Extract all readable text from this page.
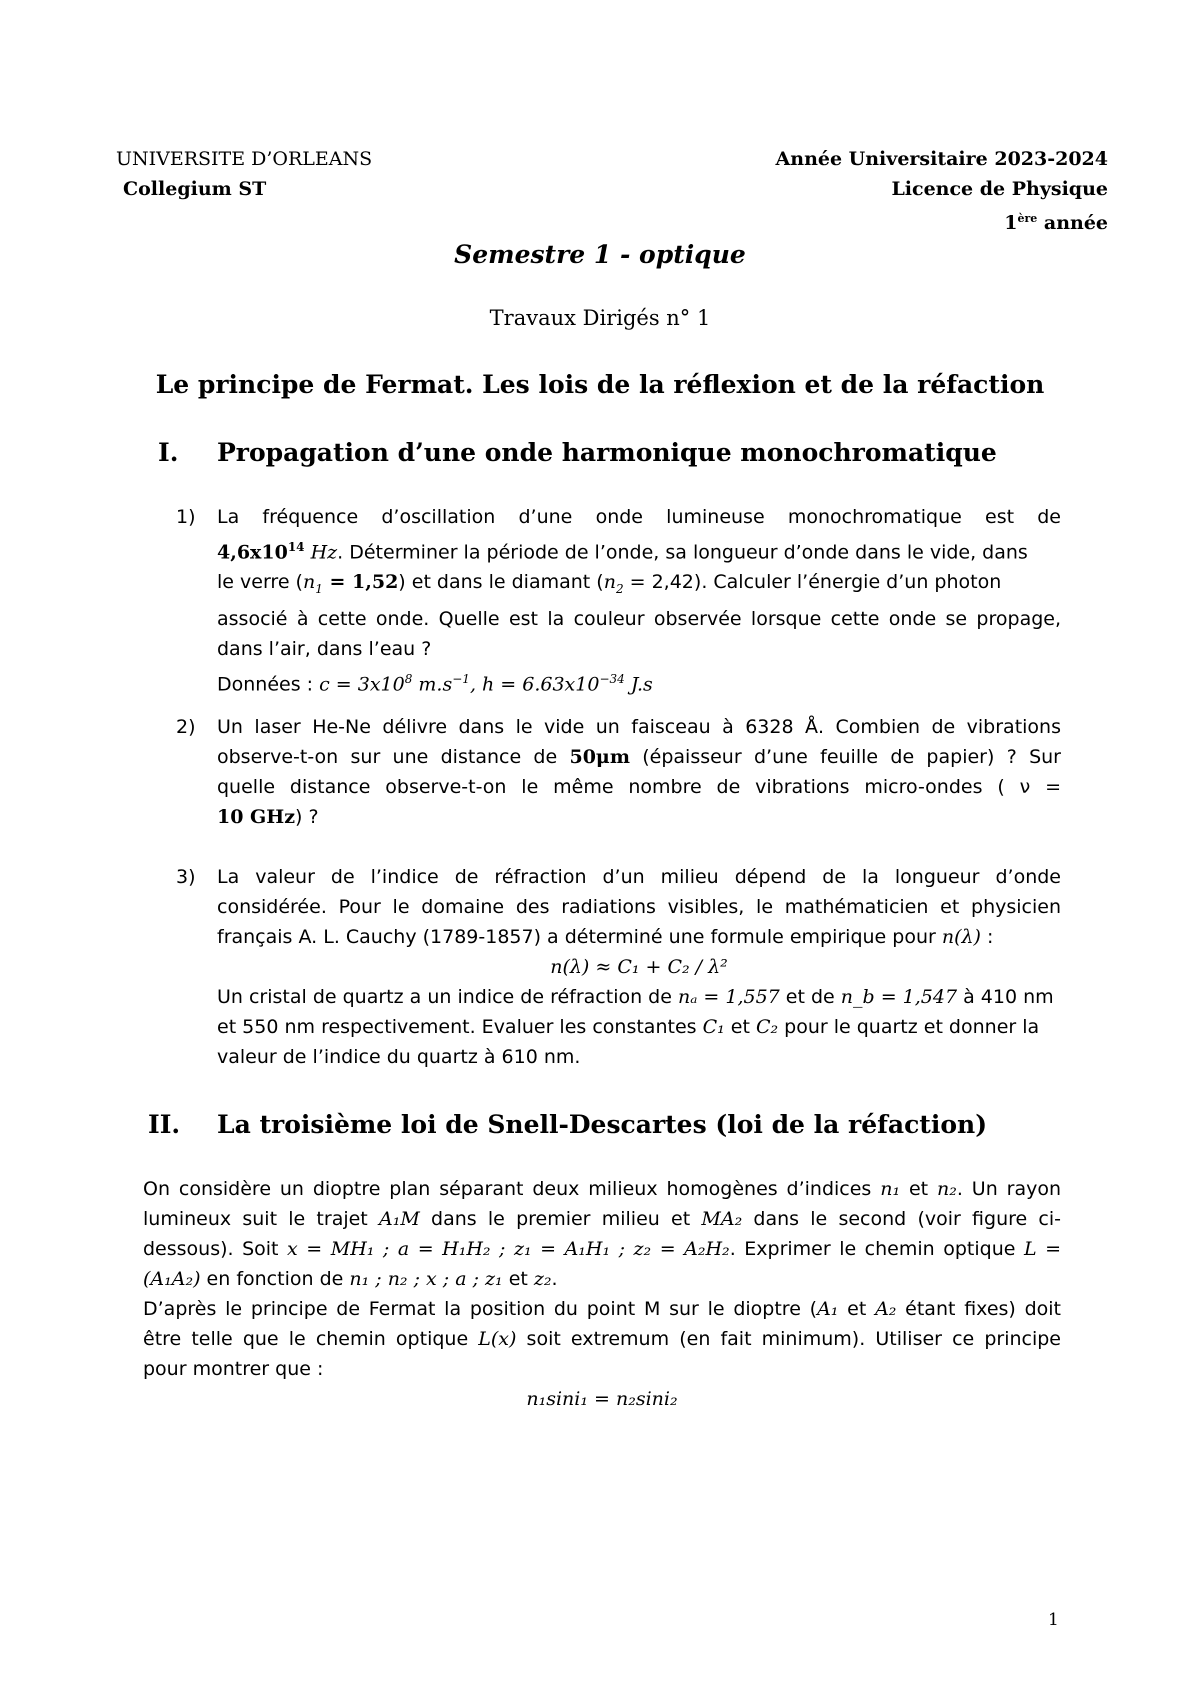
UNIVERSITE D’ORLEANS
Collegium ST
Année Universitaire 2023-2024
Licence de Physique
1ère année
Semestre 1 - optique
Travaux Dirigés n° 1
Le principe de Fermat. Les lois de la réflexion et de la réfaction
I. Propagation d’une onde harmonique monochromatique
1) La fréquence d’oscillation d’une onde lumineuse monochromatique est de
$4,6x10^{14}$ Hz. Déterminer la période de l’onde, sa longueur d’onde dans le vide, dans
le verre $(n_1 = 1,52)$ et dans le diamant $(n_2 = 2,42)$. Calculer l’énergie d’un photon
associé à cette onde. Quelle est la couleur observée lorsque cette onde se propage,
dans l’air, dans l’eau ?
Données : $c = 3x10^8$ $m.s^{-1}$, $h = 6.63x10^{-34}$ J.s
2) Un laser He-Ne délivre dans le vide un faisceau à 6328 Å. Combien de vibrations
observe-t-on sur une distance de 50μm (épaisseur d’une feuille de papier) ? Sur
quelle distance observe-t-on le même nombre de vibrations micro-ondes ( ν =
10 GHz) ?
3) La valeur de l’indice de réfraction d’un milieu dépend de la longueur d’onde
considérée. Pour le domaine des radiations visibles, le mathématicien et physicien
français A. L. Cauchy (1789-1857) a déterminé une formule empirique pour n(λ) :
n(λ) ≈ C₁ + C₂ / λ²
Un cristal de quartz a un indice de réfraction de nₐ = 1,557 et de n_b = 1,547 à 410 nm
et 550 nm respectivement. Evaluer les constantes C₁ et C₂ pour le quartz et donner la
valeur de l’indice du quartz à 610 nm.
II. La troisième loi de Snell-Descartes (loi de la réfaction)
On considère un dioptre plan séparant deux milieux homogènes d’indices n₁ et n₂. Un rayon
lumineux suit le trajet A₁M dans le premier milieu et MA₂ dans le second (voir figure ci-
dessous). Soit x = MH₁ ; a = H₁H₂ ; z₁ = A₁H₁ ; z₂ = A₂H₂. Exprimer le chemin optique L =
(A₁A₂) en fonction de n₁ ; n₂ ; x ; a ; z₁ et z₂.
D’après le principe de Fermat la position du point M sur le dioptre (A₁ et A₂ étant fixes) doit
être telle que le chemin optique L(x) soit extremum (en fait minimum). Utiliser ce principe
pour montrer que :
n₁sini₁ = n₂sini₂
1
